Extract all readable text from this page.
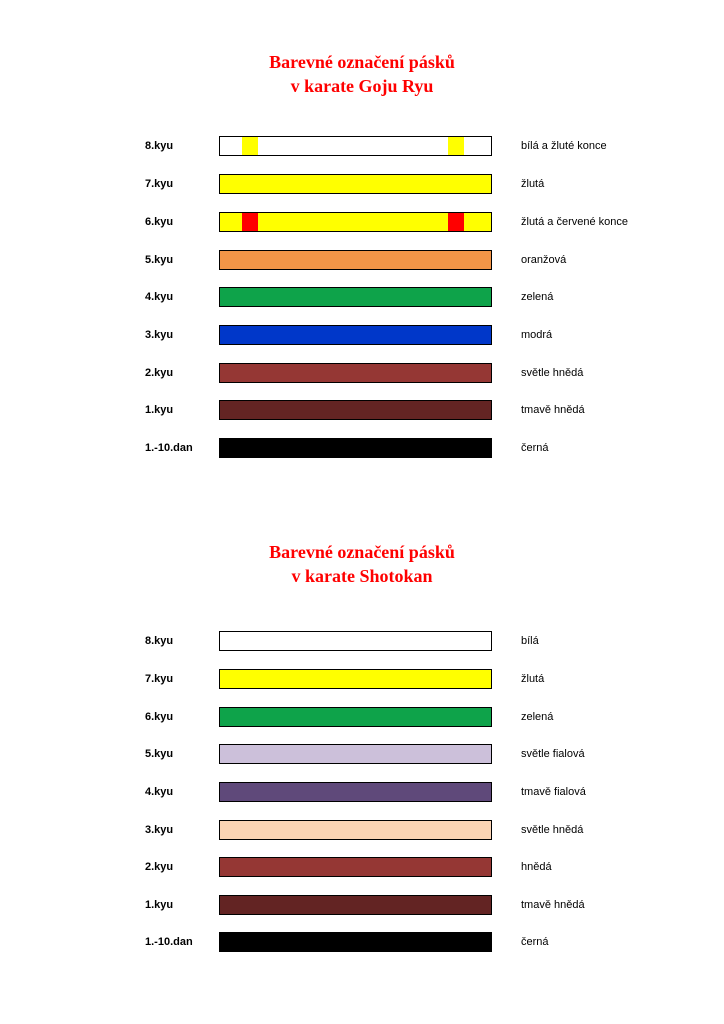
Barevné označení pásků
v karate Goju Ryu
8.kyu	bílá a žluté konce
7.kyu	žlutá
6.kyu	žlutá a červené konce
5.kyu	oranžová
4.kyu	zelená
3.kyu	modrá
2.kyu	světle hnědá
1.kyu	tmavě hnědá
1.-10.dan	černá
Barevné označení pásků
v karate Shotokan
8.kyu	bílá
7.kyu	žlutá
6.kyu	zelená
5.kyu	světle fialová
4.kyu	tmavě fialová
3.kyu	světle hnědá
2.kyu	hnědá
1.kyu	tmavě hnědá
1.-10.dan	černá
